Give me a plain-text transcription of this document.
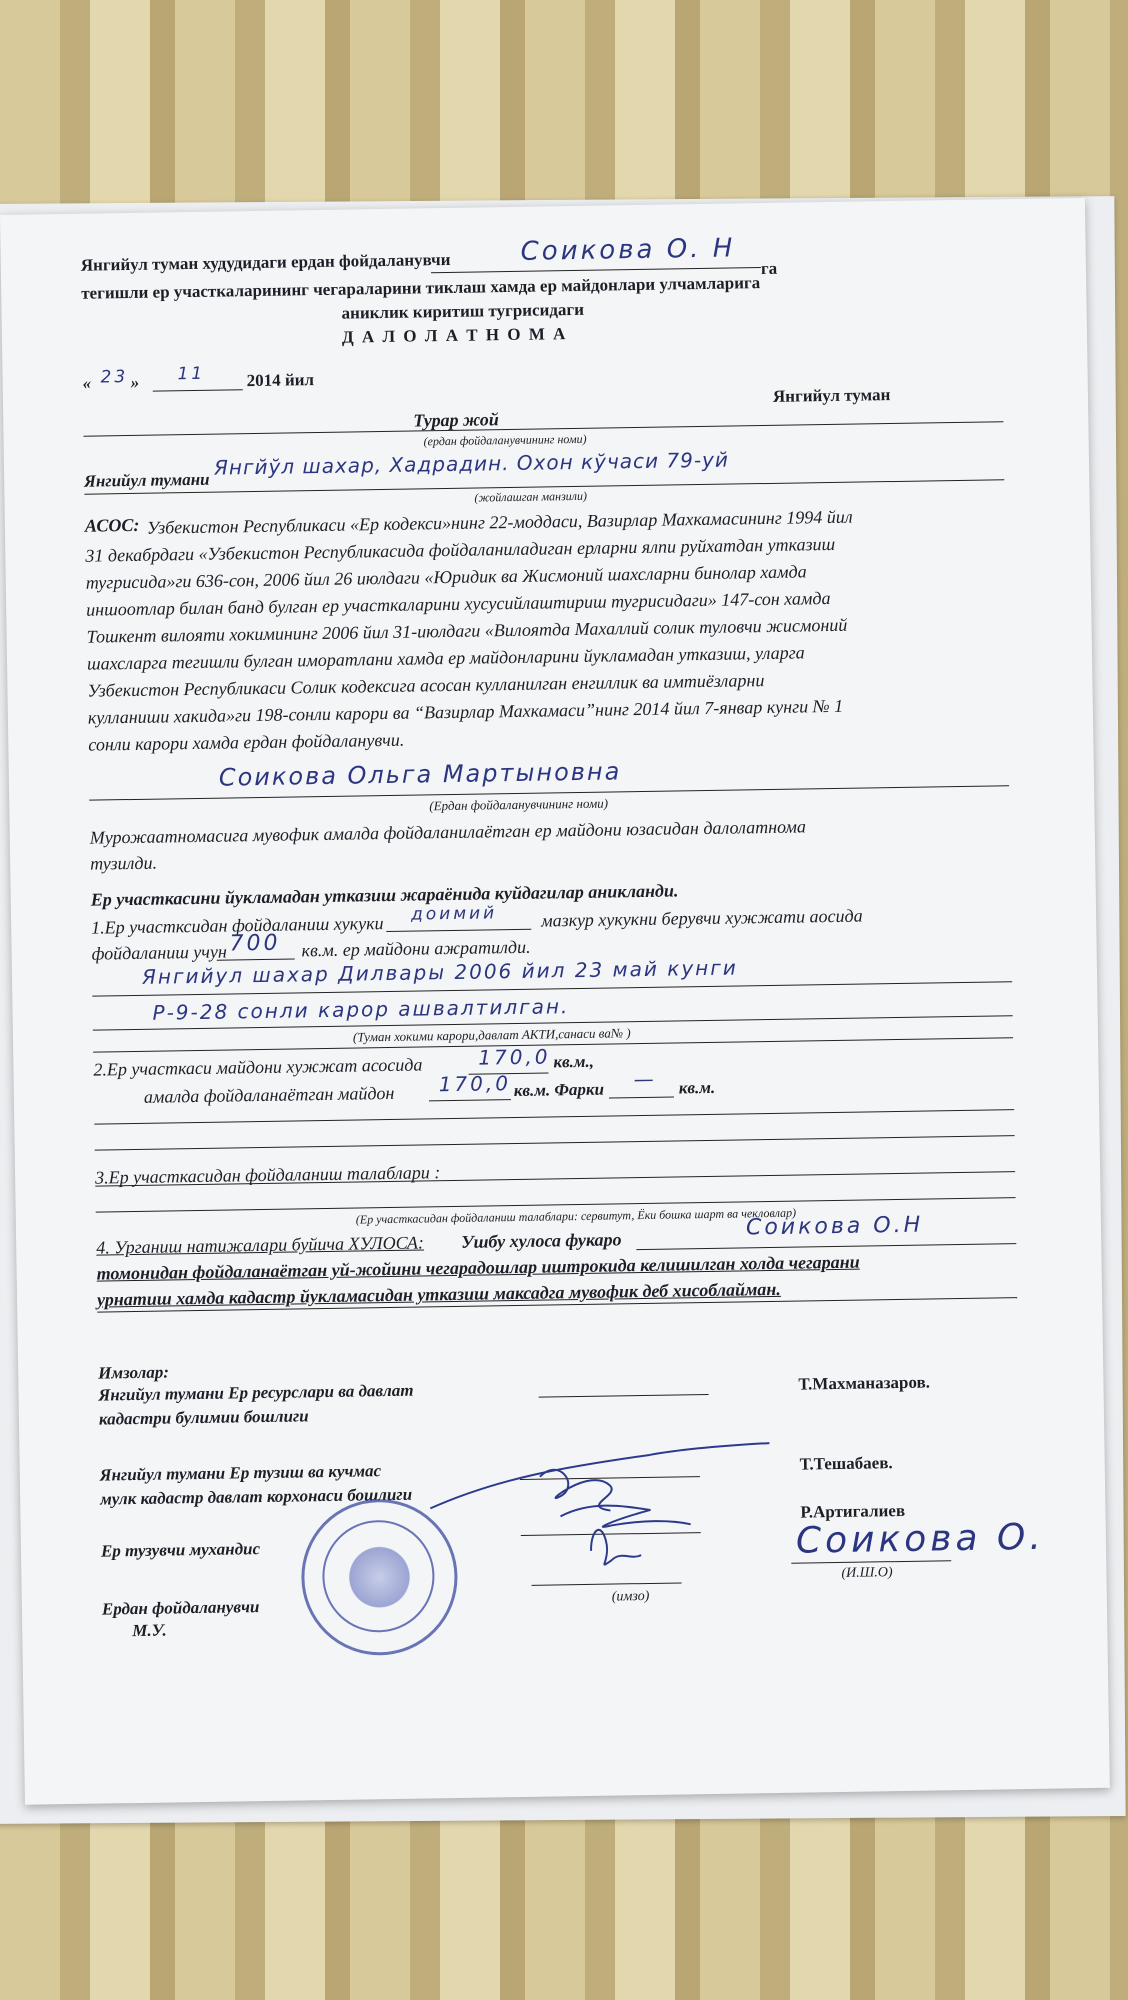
Янгийул туман худудидаги ердан фойдаланувчи	Соикова О. Н
тегишли ер участкаларининг чегараларини тиклаш хамда ер майдонлари улчамларига
га
аниклик киритиш тугрисидаги
Д А Л О Л А Т Н О М А
« 23 » 11 2014 йил
Янгийул туман
Турар жой
(ердан фойдаланувчининг номи)
Янгийул тумани
Янгйўл шахар, Хадрадин. Охон кўчаси 79-уй
(жойлашган манзили)
АСОС: Узбекистон Республикаси «Ер кодекси»нинг 22-моддаси, Вазирлар Махкамасининг 1994 йил
31 декабрдаги «Узбекистон Республикасида фойдаланиладиган ерларни ялпи руйхатдан утказиш
тугрисида»ги 636-сон, 2006 йил 26 июлдаги «Юридик ва Жисмоний шахсларни бинолар хамда
иншоотлар билан банд булган ер участкаларини хусусийлаштириш тугрисидаги» 147-сон хамда
Тошкент вилояти хокимининг 2006 йил 31-июлдаги «Вилоятда Махаллий солик туловчи жисмоний
шахсларга тегишли булган иморатлани хамда ер майдонларини йукламадан утказиш, уларга
Узбекистон Республикаси Солик кодексига асосан кулланилган енгиллик ва имтиёзларни
кулланиши хакида»ги 198-сонли карори ва “Вазирлар Махкамаси”нинг 2014 йил 7-январ кунги № 1
сонли карори хамда ердан фойдаланувчи.
Соикова Ольга Мартыновна
(Ердан фойдаланувчининг номи)
Мурожаатномасига мувофик амалда фойдаланилаётган ер майдони юзасидан далолатнома
тузилди.
Ер участкасини йукламадан утказиш жараёнида куйдагилар аникланди.
1.Ер участксидан фойдаланиш хукуки доимий мазкур хукукни берувчи хужжати аосида
фойдаланиш учун 700 кв.м. ер майдони ажратилди.
Янгийул шахар Дилвары 2006 йил 23 май кунги
Р-9-28 сонли карор ашвалтилган.
(Туман хокими карори,давлат АКТИ,санаси ва№ )
2.Ер участкаси майдони хужжат асосида	170,0 кв.м.,
амалда фойдаланаётган майдон 170,0 кв.м. Фарки — кв.м.
3.Ер участкасидан фойдаланиш талаблари :
(Ер участкасидан фойдаланиш талаблари: сервитут, Ёки бошка шарт ва чекловлар)
4. Урганиш натижалари буйича ХУЛОСА: Ушбу хулоса фукаро
Соикова О.Н
томонидан фойдаланаётган уй-жойини чегарадошлар иштрокида келишилган холда чегарани
урнатиш хамда кадастр йукламасидан утказиш максадга мувофик деб хисоблайман.
Имзолар:
Янгийул тумани Ер ресурслари ва давлат
кадастри булимии бошлиги
Т.Махманазаров.
Янгийул тумани Ер тузиш ва кучмас
мулк кадастр давлат корхонаси бошлиги
Т.Тешабаев.
Ер тузувчи мухандис
Р.Артигалиев
Ердан фойдаланувчи
М.У.
(имзо)
Соикова О.
(И.Ш.О)
